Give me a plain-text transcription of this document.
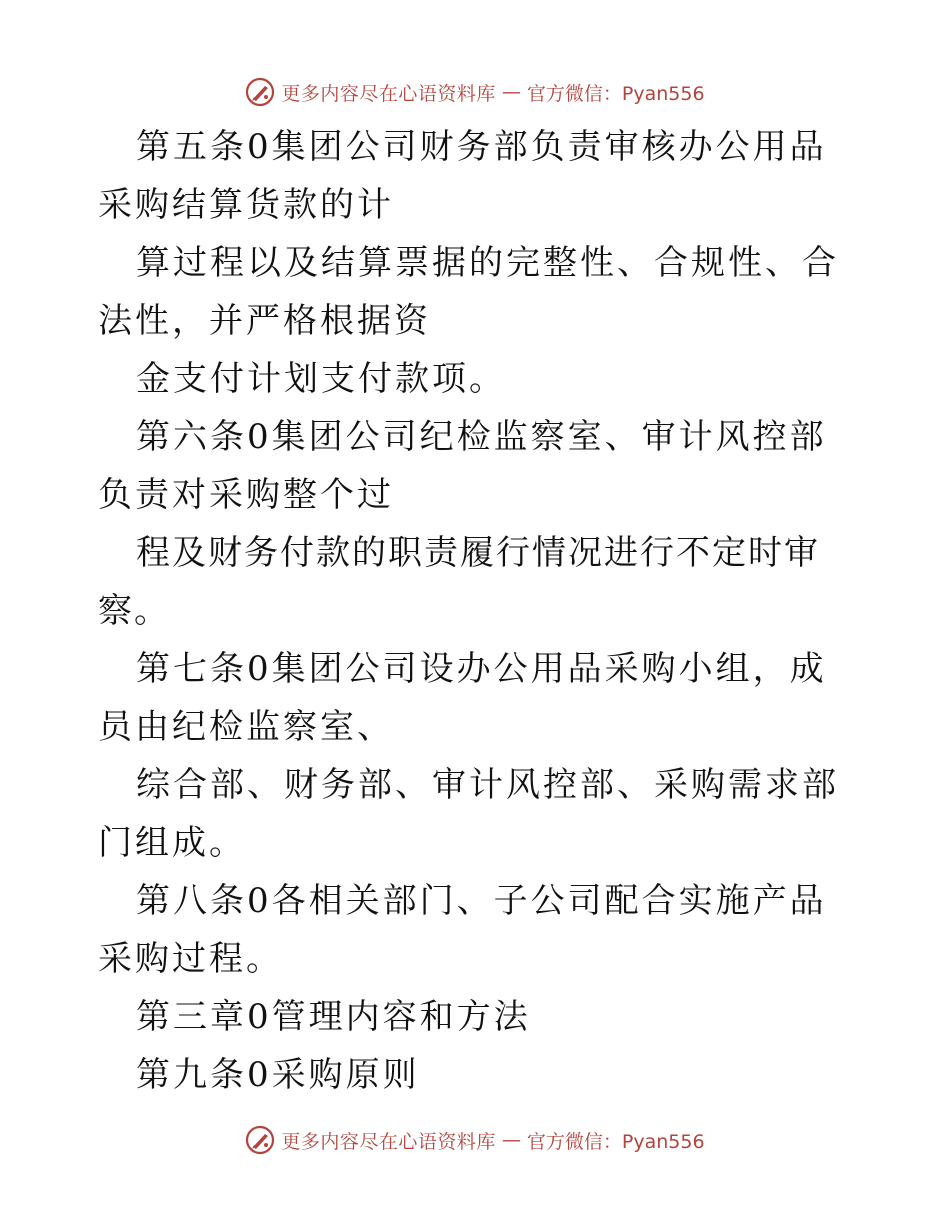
更多内容尽在心语资料库 — 官方微信：Pyan556

第五条0集团公司财务部负责审核办公用品采购结算货款的计

算过程以及结算票据的完整性、合规性、合法性，并严格根据资

金支付计划支付款项。

第六条0集团公司纪检监察室、审计风控部负责对采购整个过

程及财务付款的职责履行情况进行不定时审察。

第七条0集团公司设办公用品采购小组，成员由纪检监察室、

综合部、财务部、审计风控部、采购需求部门组成。

第八条0各相关部门、子公司配合实施产品采购过程。

第三章0管理内容和方法

第九条0采购原则

更多内容尽在心语资料库 — 官方微信：Pyan556
